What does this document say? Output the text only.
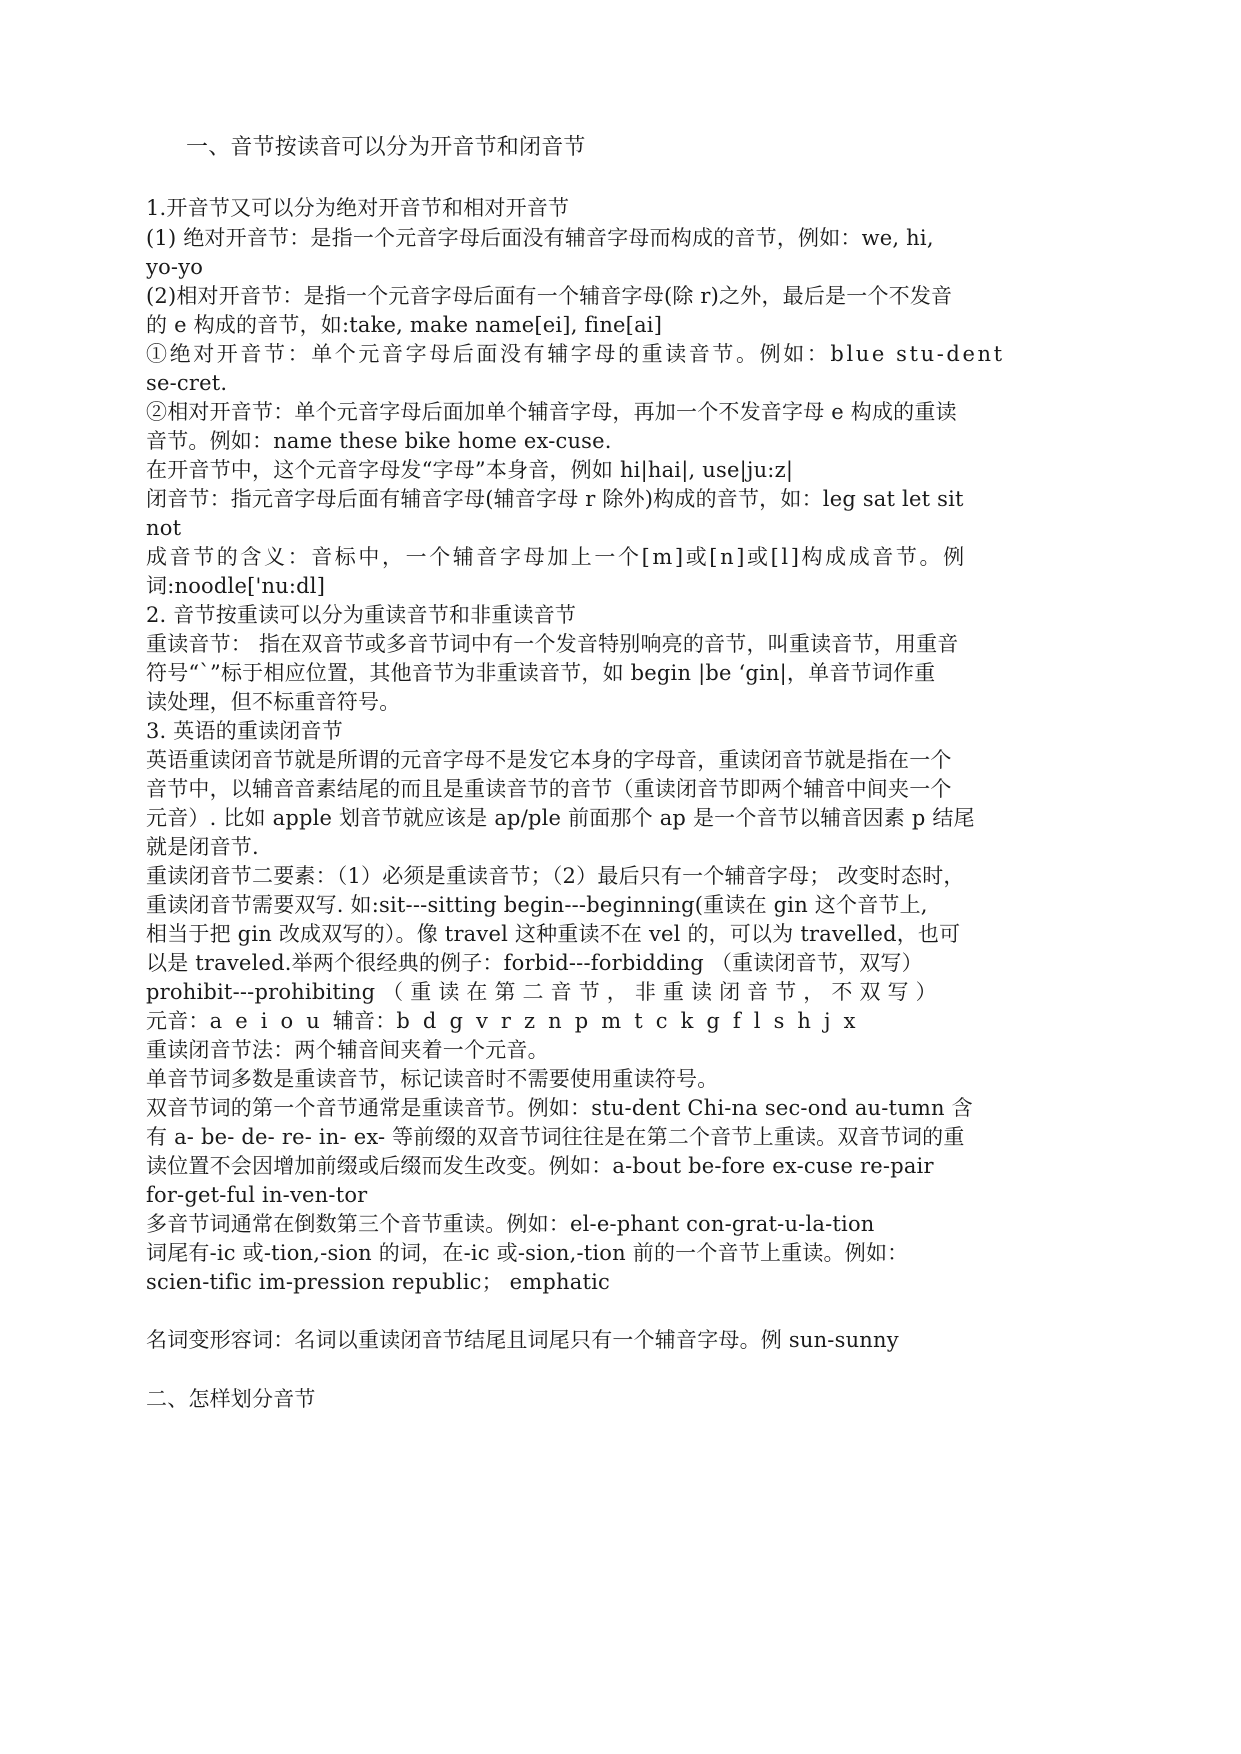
一、音节按读音可以分为开音节和闭音节
1.开音节又可以分为绝对开音节和相对开音节
(1) 绝对开音节：是指一个元音字母后面没有辅音字母而构成的音节，例如：we, hi,
yo-yo
(2)相对开音节：是指一个元音字母后面有一个辅音字母(除 r)之外，最后是一个不发音
的 e 构成的音节，如:take, make name[ei], fine[ai]
①绝对开音节：单个元音字母后面没有辅字母的重读音节。例如：blue stu-dent
se-cret.
②相对开音节：单个元音字母后面加单个辅音字母，再加一个不发音字母 e 构成的重读
音节。例如：name these bike home ex-cuse.
在开音节中，这个元音字母发“字母”本身音，例如 hi|hai|, use|ju:z|
闭音节：指元音字母后面有辅音字母(辅音字母 r 除外)构成的音节，如：leg sat let sit
not
成音节的含义：音标中，一个辅音字母加上一个[m]或[n]或[l]构成成音节。例
词:noodle['nu:dl]
2. 音节按重读可以分为重读音节和非重读音节
重读音节： 指在双音节或多音节词中有一个发音特别响亮的音节，叫重读音节，用重音
符号“`”标于相应位置，其他音节为非重读音节，如 begin |be ‘gin|，单音节词作重
读处理，但不标重音符号。
3. 英语的重读闭音节
英语重读闭音节就是所谓的元音字母不是发它本身的字母音，重读闭音节就是指在一个
音节中，以辅音音素结尾的而且是重读音节的音节（重读闭音节即两个辅音中间夹一个
元音）. 比如 apple 划音节就应该是 ap/ple 前面那个 ap 是一个音节以辅音因素 p 结尾
就是闭音节.
重读闭音节二要素：（1）必须是重读音节；（2）最后只有一个辅音字母； 改变时态时，
重读闭音节需要双写. 如:sit---sitting begin---beginning(重读在 gin 这个音节上,
相当于把 gin 改成双写的）。像 travel 这种重读不在 vel 的，可以为 travelled，也可
以是 traveled.举两个很经典的例子：forbid---forbidding （重读闭音节，双写）
prohibit---prohibiting （ 重 读 在 第 二 音 节 ， 非 重 读 闭 音 节 ， 不 双 写 ）
元音：a e i o u 辅音：b d g v r z n p m t c k g f l s h j x
重读闭音节法：两个辅音间夹着一个元音。
单音节词多数是重读音节，标记读音时不需要使用重读符号。
双音节词的第一个音节通常是重读音节。例如：stu-dent Chi-na sec-ond au-tumn 含
有 a- be- de- re- in- ex- 等前缀的双音节词往往是在第二个音节上重读。双音节词的重
读位置不会因增加前缀或后缀而发生改变。例如：a-bout be-fore ex-cuse re-pair
for-get-ful in-ven-tor
多音节词通常在倒数第三个音节重读。例如：el-e-phant con-grat-u-la-tion
词尾有-ic 或-tion,-sion 的词，在-ic 或-sion,-tion 前的一个音节上重读。例如：
scien-tific im-pression republic； emphatic
名词变形容词：名词以重读闭音节结尾且词尾只有一个辅音字母。例 sun-sunny
二、怎样划分音节
